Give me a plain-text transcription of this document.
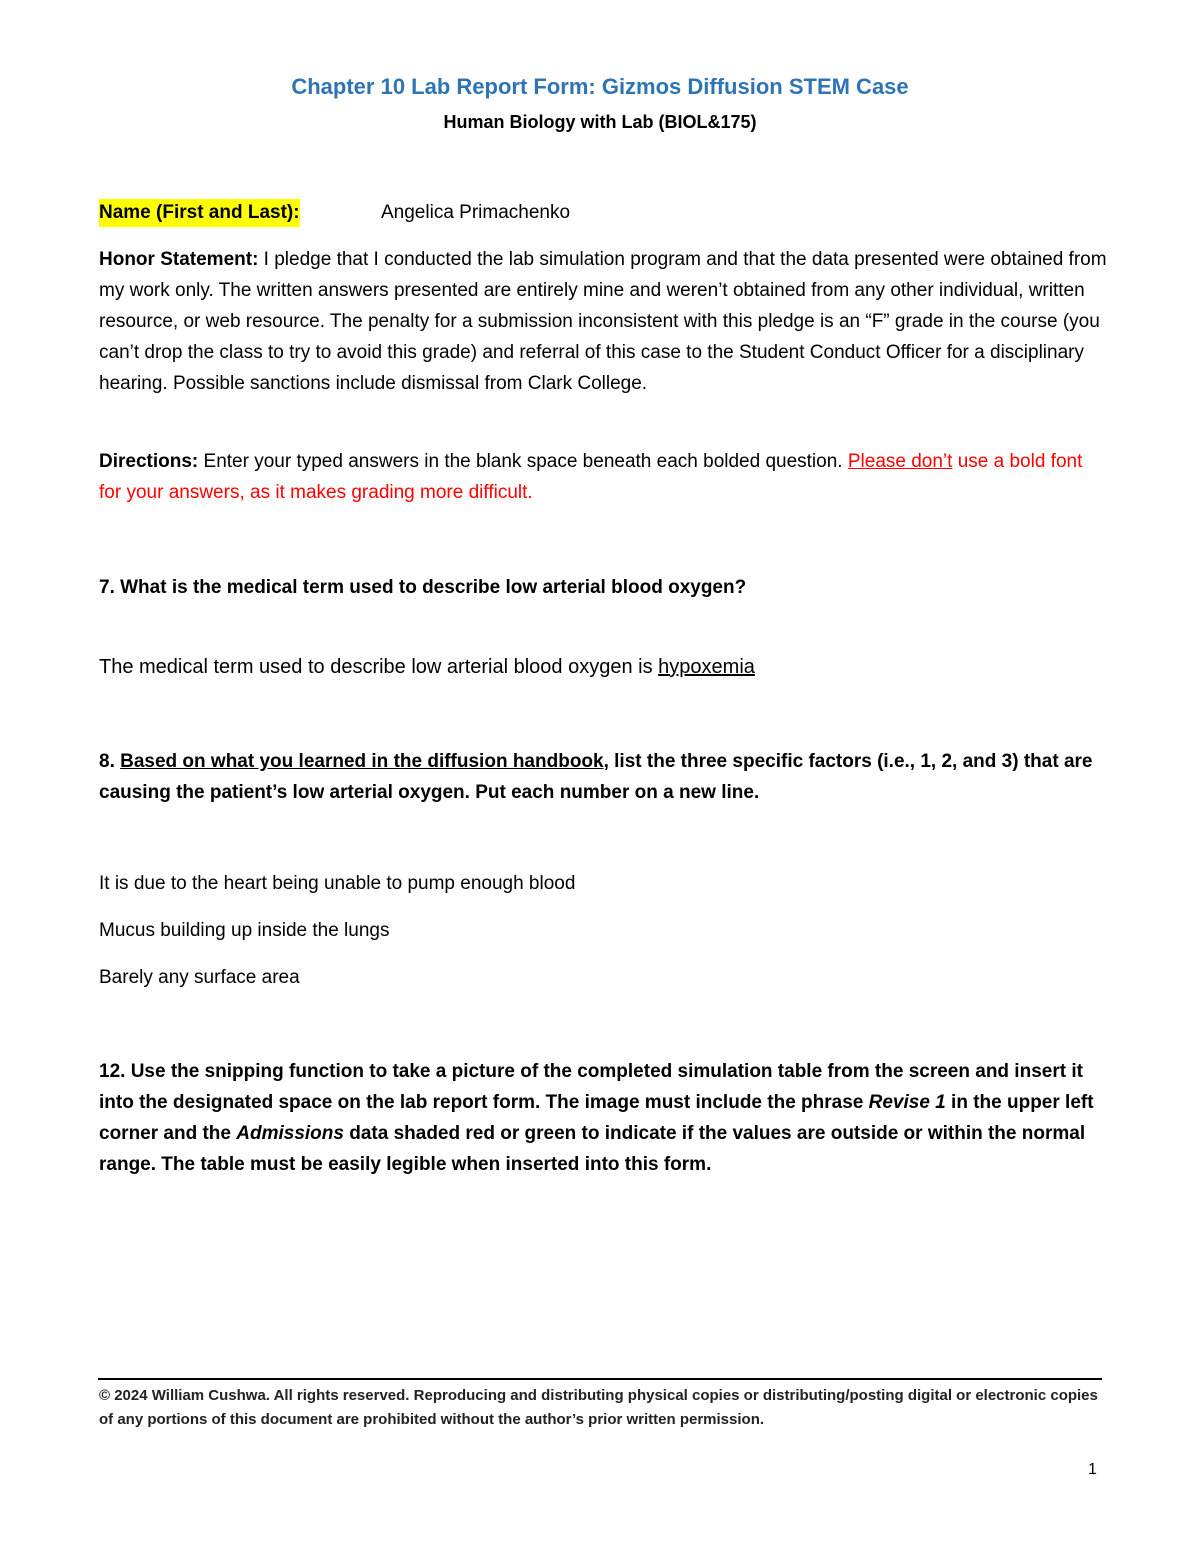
Chapter 10 Lab Report Form: Gizmos Diffusion STEM Case
Human Biology with Lab (BIOL&175)
Name (First and Last):	Angelica Primachenko
Honor Statement: I pledge that I conducted the lab simulation program and that the data presented were obtained from my work only. The written answers presented are entirely mine and weren’t obtained from any other individual, written resource, or web resource. The penalty for a submission inconsistent with this pledge is an “F” grade in the course (you can’t drop the class to try to avoid this grade) and referral of this case to the Student Conduct Officer for a disciplinary hearing. Possible sanctions include dismissal from Clark College.
Directions: Enter your typed answers in the blank space beneath each bolded question. Please don’t use a bold font for your answers, as it makes grading more difficult.
7. What is the medical term used to describe low arterial blood oxygen?
The medical term used to describe low arterial blood oxygen is hypoxemia
8. Based on what you learned in the diffusion handbook, list the three specific factors (i.e., 1, 2, and 3) that are causing the patient’s low arterial oxygen. Put each number on a new line.
It is due to the heart being unable to pump enough blood
Mucus building up inside the lungs
Barely any surface area
12. Use the snipping function to take a picture of the completed simulation table from the screen and insert it into the designated space on the lab report form. The image must include the phrase Revise 1 in the upper left corner and the Admissions data shaded red or green to indicate if the values are outside or within the normal range. The table must be easily legible when inserted into this form.
© 2024 William Cushwa. All rights reserved. Reproducing and distributing physical copies or distributing/posting digital or electronic copies of any portions of this document are prohibited without the author’s prior written permission.
1
